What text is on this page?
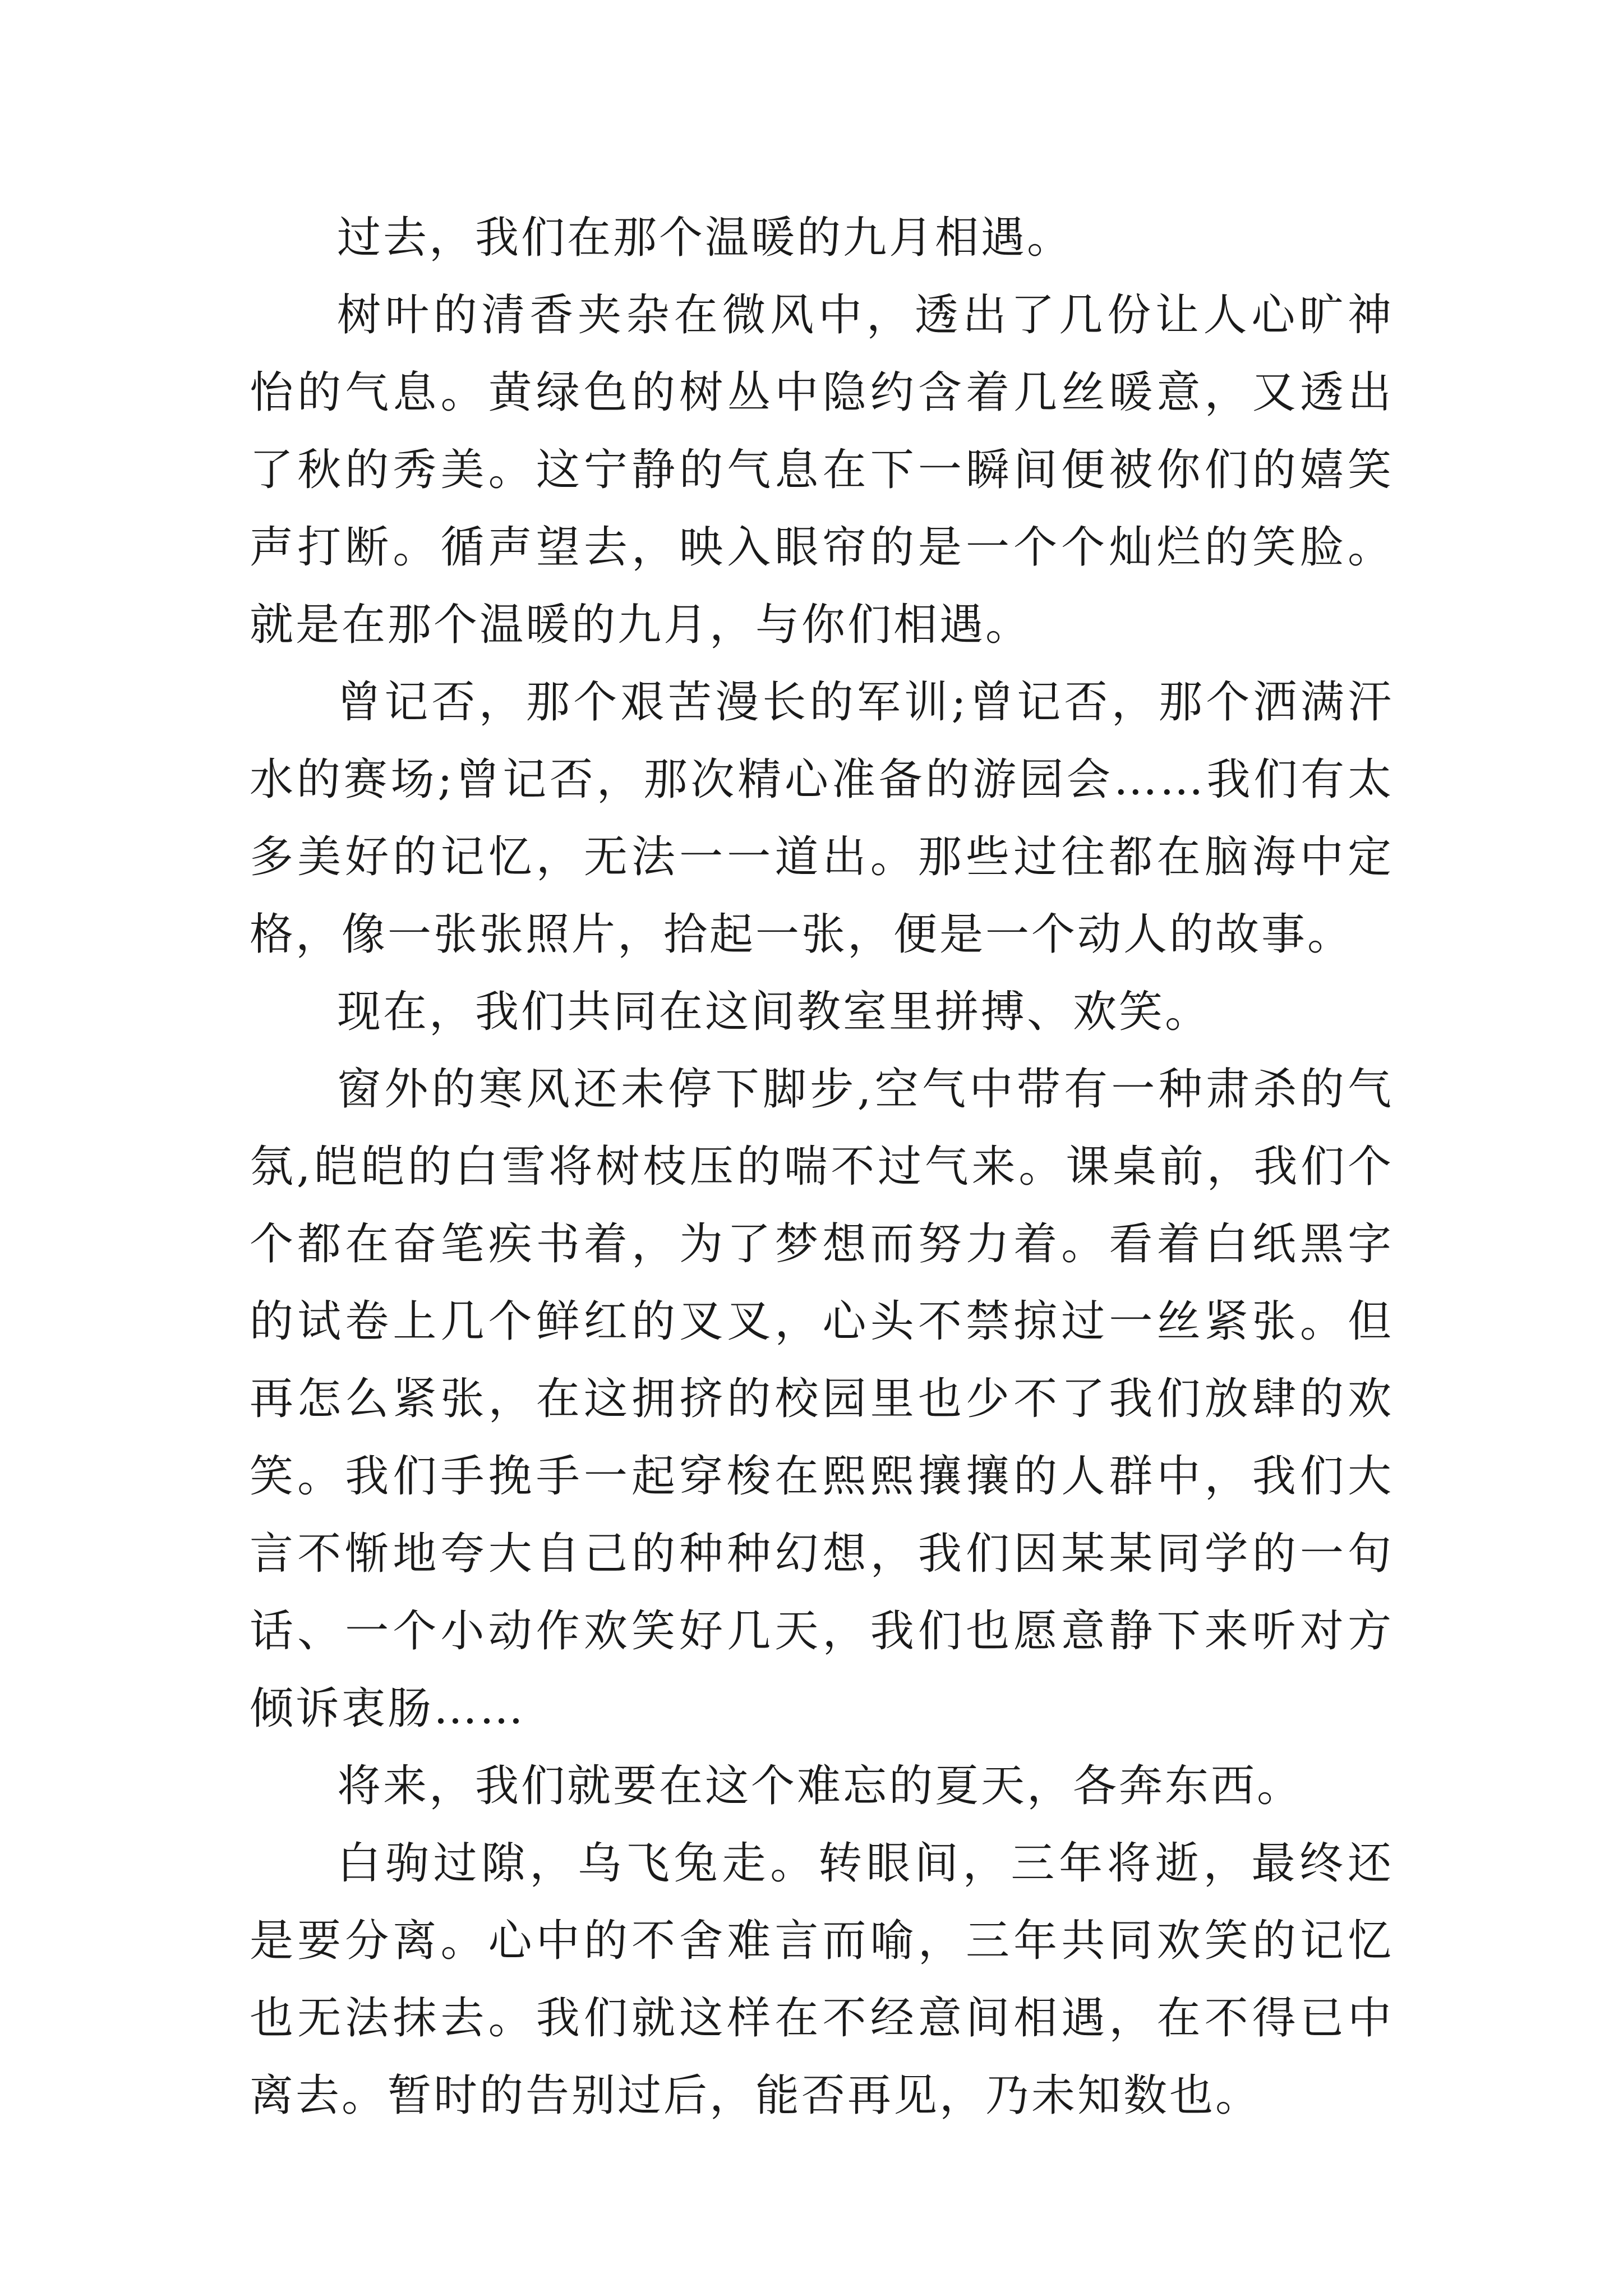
过去，我们在那个温暖的九月相遇。

树叶的清香夹杂在微风中，透出了几份让人心旷神怡的气息。黄绿色的树丛中隐约含着几丝暖意，又透出了秋的秀美。这宁静的气息在下一瞬间便被你们的嬉笑声打断。循声望去，映入眼帘的是一个个灿烂的笑脸。就是在那个温暖的九月，与你们相遇。

曾记否，那个艰苦漫长的军训;曾记否，那个洒满汗水的赛场;曾记否，那次精心准备的游园会……我们有太多美好的记忆，无法一一道出。那些过往都在脑海中定格，像一张张照片，拾起一张，便是一个动人的故事。

现在，我们共同在这间教室里拼搏、欢笑。

窗外的寒风还未停下脚步,空气中带有一种肃杀的气氛,皑皑的白雪将树枝压的喘不过气来。课桌前，我们个个都在奋笔疾书着，为了梦想而努力着。看着白纸黑字的试卷上几个鲜红的叉叉，心头不禁掠过一丝紧张。但再怎么紧张，在这拥挤的校园里也少不了我们放肆的欢笑。我们手挽手一起穿梭在熙熙攘攘的人群中，我们大言不惭地夸大自己的种种幻想，我们因某某同学的一句话、一个小动作欢笑好几天，我们也愿意静下来听对方倾诉衷肠……

将来，我们就要在这个难忘的夏天，各奔东西。

白驹过隙，乌飞兔走。转眼间，三年将逝，最终还是要分离。心中的不舍难言而喻，三年共同欢笑的记忆也无法抹去。我们就这样在不经意间相遇，在不得已中离去。暂时的告别过后，能否再见，乃未知数也。
